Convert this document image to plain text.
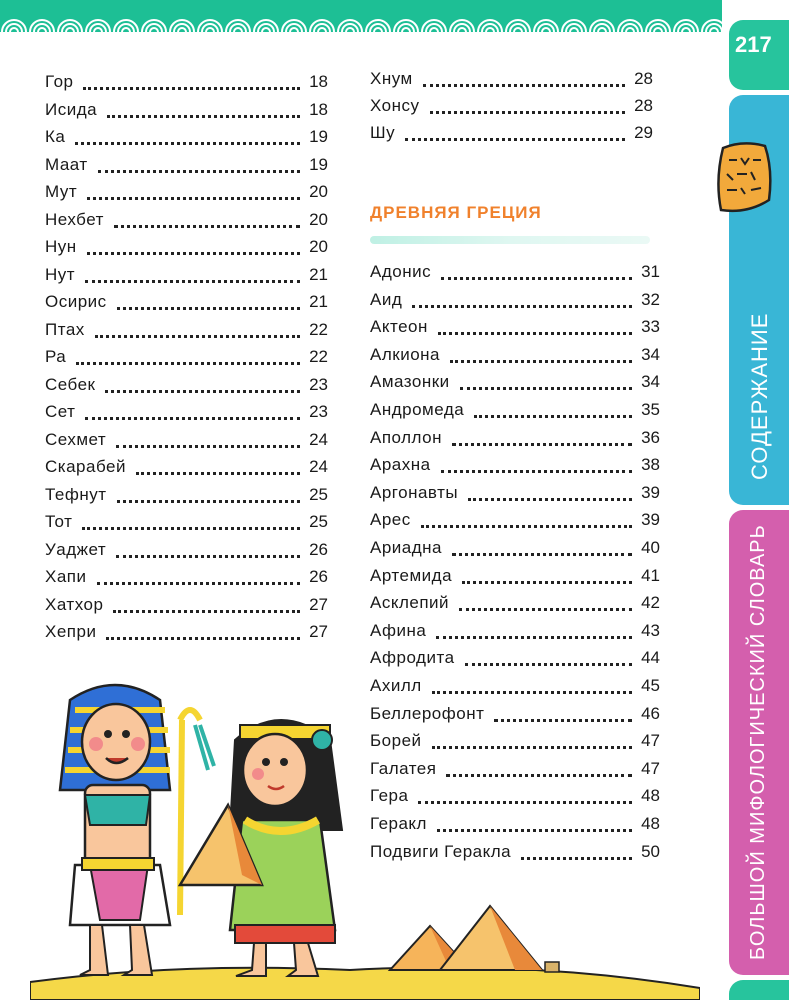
217
СОДЕРЖАНИЕ
БОЛЬШОЙ МИФОЛОГИЧЕСКИЙ СЛОВАРЬ
Гор	18
Исида	18
Ка	19
Маат	19
Мут	20
Нехбет	20
Нун	20
Нут	21
Осирис	21
Птах	22
Ра	22
Себек	23
Сет	23
Сехмет	24
Скарабей	24
Тефнут	25
Тот	25
Уаджет	26
Хапи	26
Хатхор	27
Хепри	27
Хнум	28
Хонсу	28
Шу	29
ДРЕВНЯЯ ГРЕЦИЯ
Адонис	31
Аид	32
Актеон	33
Алкиона	34
Амазонки	34
Андромеда	35
Аполлон	36
Арахна	38
Аргонавты	39
Арес	39
Ариадна	40
Артемида	41
Асклепий	42
Афина	43
Афродита	44
Ахилл	45
Беллерофонт	46
Борей	47
Галатея	47
Гера	48
Геракл	48
Подвиги Геракла	50
